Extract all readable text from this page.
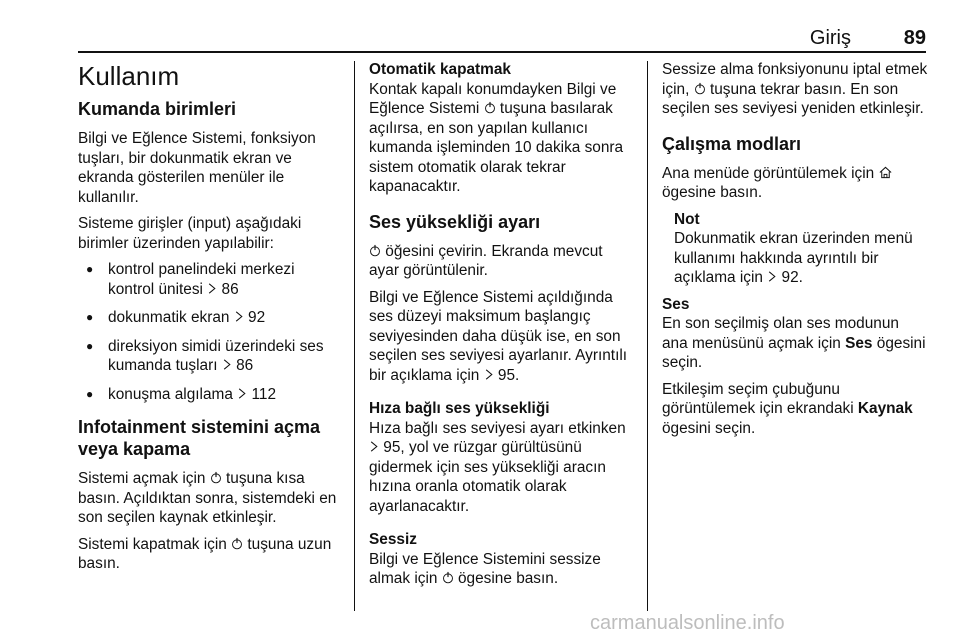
Giriş	89
Kullanım
Kumanda birimleri

Bilgi ve Eğlence Sistemi, fonksiyon tuşları, bir dokunmatik ekran ve ekranda gösterilen menüler ile kullanılır.

Sisteme girişler (input) aşağıdaki birimler üzerinden yapılabilir:

● kontrol panelindeki merkezi kontrol ünitesi 86
● dokunmatik ekran 92
● direksiyon simidi üzerindeki ses kumanda tuşları 86
● konuşma algılama 112
Infotainment sistemini açma veya kapama

Sistemi açmak için tuşuna kısa basın. Açıldıktan sonra, sistemdeki en son seçilen kaynak etkinleşir.

Sistemi kapatmak için tuşuna uzun basın.

Otomatik kapatmak

Kontak kapalı konumdayken Bilgi ve Eğlence Sistemi tuşuna basılarak açılırsa, en son yapılan kullanıcı kumanda işleminden 10 dakika sonra sistem otomatik olarak tekrar kapanacaktır.

Ses yüksekliği ayarı

öğesini çevirin. Ekranda mevcut ayar görüntülenir.

Bilgi ve Eğlence Sistemi açıldığında ses düzeyi maksimum başlangıç seviyesinden daha düşük ise, en son seçilen ses seviyesi ayarlanır. Ayrıntılı bir açıklama için 95.

Hıza bağlı ses yüksekliği

Hıza bağlı ses seviyesi ayarı etkinken  95, yol ve rüzgar gürültüsünü gidermek için ses yüksekliği aracın hızına oranla otomatik olarak ayarlanacaktır.

Sessiz

Bilgi ve Eğlence Sistemini sessize almak için ögesine basın.

Sessize alma fonksiyonunu iptal etmek için, tuşuna tekrar basın. En son seçilen ses seviyesi yeniden etkinleşir.

Çalışma modları

Ana menüde görüntülemek için  ögesine basın.

Not
Dokunmatik ekran üzerinden menü kullanımı hakkında ayrıntılı bir açıklama için 92.
Ses

En son seçilmiş olan ses modunun ana menüsünü açmak için Ses ögesini seçin.

Etkileşim seçim çubuğunu görüntülemek için ekrandaki Kaynak ögesini seçin.

carmanualsonline.info
